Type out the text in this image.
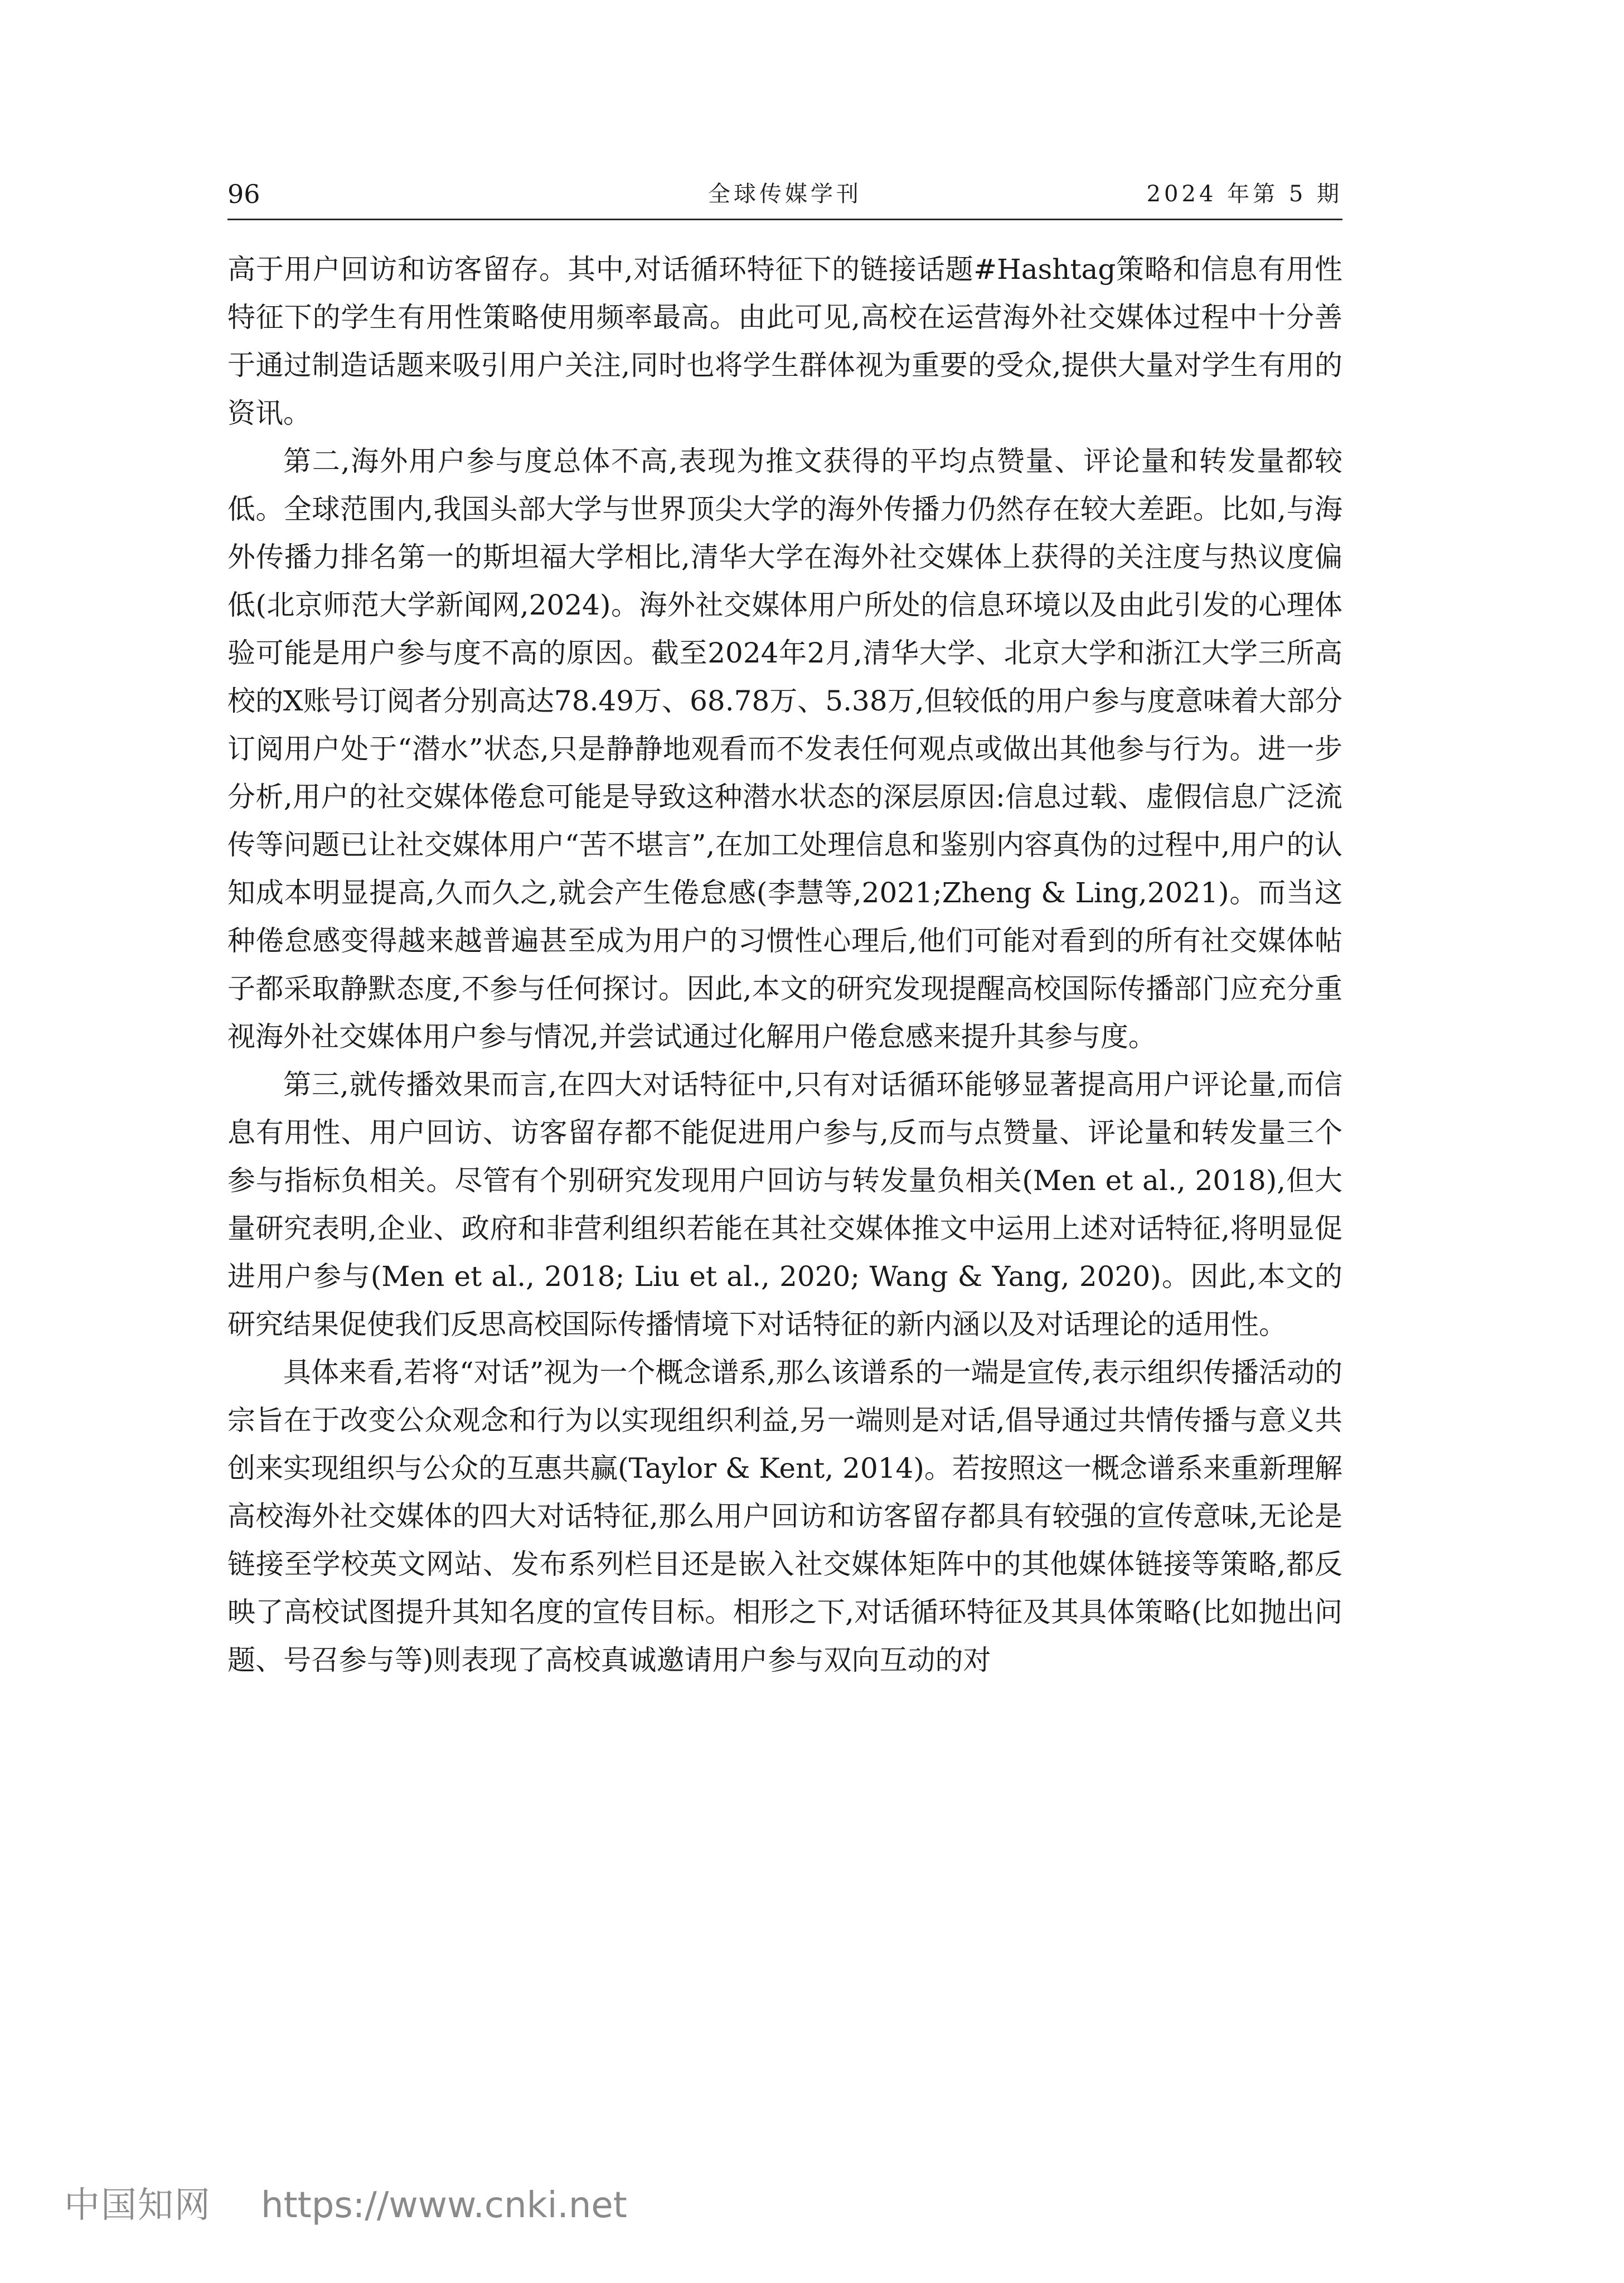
96	全球传媒学刊	2024 年第 5 期

高于用户回访和访客留存。其中,对话循环特征下的链接话题#Hashtag策略和信息有用性特征下的学生有用性策略使用频率最高。由此可见,高校在运营海外社交媒体过程中十分善于通过制造话题来吸引用户关注,同时也将学生群体视为重要的受众,提供大量对学生有用的资讯。

第二,海外用户参与度总体不高,表现为推文获得的平均点赞量、评论量和转发量都较低。全球范围内,我国头部大学与世界顶尖大学的海外传播力仍然存在较大差距。比如,与海外传播力排名第一的斯坦福大学相比,清华大学在海外社交媒体上获得的关注度与热议度偏低(北京师范大学新闻网,2024)。海外社交媒体用户所处的信息环境以及由此引发的心理体验可能是用户参与度不高的原因。截至2024年2月,清华大学、北京大学和浙江大学三所高校的X账号订阅者分别高达78.49万、68.78万、5.38万,但较低的用户参与度意味着大部分订阅用户处于“潜水”状态,只是静静地观看而不发表任何观点或做出其他参与行为。进一步分析,用户的社交媒体倦怠可能是导致这种潜水状态的深层原因:信息过载、虚假信息广泛流传等问题已让社交媒体用户“苦不堪言”,在加工处理信息和鉴别内容真伪的过程中,用户的认知成本明显提高,久而久之,就会产生倦怠感(李慧等,2021;Zheng & Ling,2021)。而当这种倦怠感变得越来越普遍甚至成为用户的习惯性心理后,他们可能对看到的所有社交媒体帖子都采取静默态度,不参与任何探讨。因此,本文的研究发现提醒高校国际传播部门应充分重视海外社交媒体用户参与情况,并尝试通过化解用户倦怠感来提升其参与度。

第三,就传播效果而言,在四大对话特征中,只有对话循环能够显著提高用户评论量,而信息有用性、用户回访、访客留存都不能促进用户参与,反而与点赞量、评论量和转发量三个参与指标负相关。尽管有个别研究发现用户回访与转发量负相关(Men et al., 2018),但大量研究表明,企业、政府和非营利组织若能在其社交媒体推文中运用上述对话特征,将明显促进用户参与(Men et al., 2018; Liu et al., 2020; Wang & Yang, 2020)。因此,本文的研究结果促使我们反思高校国际传播情境下对话特征的新内涵以及对话理论的适用性。

具体来看,若将“对话”视为一个概念谱系,那么该谱系的一端是宣传,表示组织传播活动的宗旨在于改变公众观念和行为以实现组织利益,另一端则是对话,倡导通过共情传播与意义共创来实现组织与公众的互惠共赢(Taylor & Kent, 2014)。若按照这一概念谱系来重新理解高校海外社交媒体的四大对话特征,那么用户回访和访客留存都具有较强的宣传意味,无论是链接至学校英文网站、发布系列栏目还是嵌入社交媒体矩阵中的其他媒体链接等策略,都反映了高校试图提升其知名度的宣传目标。相形之下,对话循环特征及其具体策略(比如抛出问题、号召参与等)则表现了高校真诚邀请用户参与双向互动的对

中国知网 https://www.cnki.net
